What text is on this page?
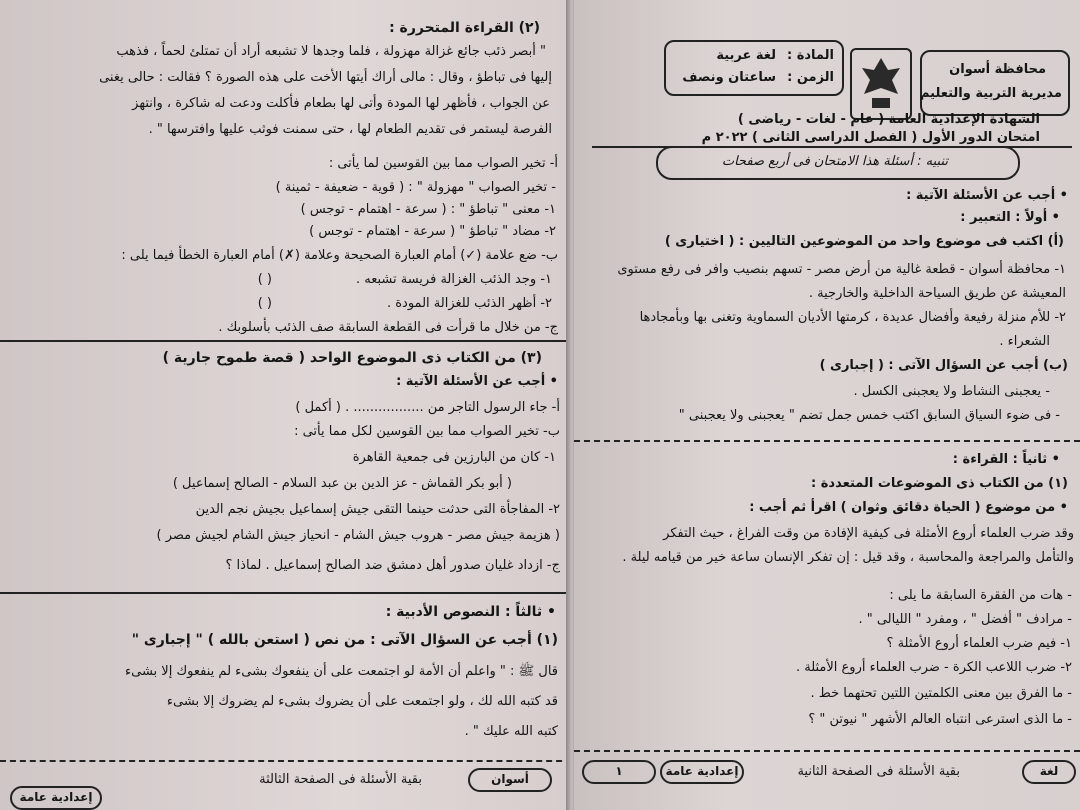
(٢) القراءة المتحررة :
" أبصر ذئب جائع غزالة مهزولة ، فلما وجدها لا تشبعه أراد أن تمتلئ لحماً ، فذهب
إليها فى تباطؤ ، وقال : مالى أراك أيتها الأخت على هذه الصورة ؟ فقالت : حالى يغنى
عن الجواب ، فأظهر لها المودة وأتى لها بطعام فأكلت ودعت له شاكرة ، وانتهز
الفرصة ليستمر فى تقديم الطعام لها ، حتى سمنت فوثب عليها وافترسها " .
أ- تخير الصواب مما بين القوسين لما يأتى :
- تخير الصواب " مهزولة " : ( قوية - ضعيفة - ثمينة )
١- معنى " تباطؤ " : ( سرعة - اهتمام - توجس )
٢- مضاد " تباطؤ " ( سرعة - اهتمام - توجس )
ب- ضع علامة (✓) أمام العبارة الصحيحة وعلامة (✗) أمام العبارة الخطأ فيما يلى :
١- وجد الذئب الغزالة فريسة تشبعه .
( )
٢- أظهر الذئب للغزالة المودة .
( )
ج- من خلال ما قرأت فى القطعة السابقة صف الذئب بأسلوبك .
(٣) من الكتاب ذى الموضوع الواحد ( قصة طموح جارية )
• أجب عن الأسئلة الآتية :
أ- جاء الرسول التاجر من ................. . ( أكمل )
ب- تخير الصواب مما بين القوسين لكل مما يأتى :
١- كان من البارزين فى جمعية القاهرة
( أبو بكر القماش - عز الدين بن عبد السلام - الصالح إسماعيل )
٢- المفاجأة التى حدثت حينما التقى جيش إسماعيل بجيش نجم الدين
( هزيمة جيش مصر - هروب جيش الشام - انحياز جيش الشام لجيش مصر )
ج- ازداد غليان صدور أهل دمشق ضد الصالح إسماعيل . لماذا ؟
• ثالثاً : النصوص الأدبية :
(١) أجب عن السؤال الآتى : من نص ( استعن بالله ) " إجبارى "
قال ﷺ : " واعلم أن الأمة لو اجتمعت على أن ينفعوك بشىء لم ينفعوك إلا بشىء
قد كتبه الله لك ، ولو اجتمعت على أن يضروك بشىء لم يضروك إلا بشىء
كتبه الله عليك " .
بقية الأسئلة فى الصفحة الثالثة	أسوان
إعدادية عامة
محافظة أسوان
مديرية التربية والتعليم
المادة :
لغة عربية
الزمن :
ساعتان ونصف
الشهادة الإعدادية العامة ( عام - لغات - رياضى )
امتحان الدور الأول ( الفصل الدراسى الثانى ) ٢٠٢٢ م
تنبيه : أسئلة هذا الامتحان فى أربع صفحات
• أجب عن الأسئلة الآتية :
• أولاً : التعبير :
(أ) اكتب فى موضوع واحد من الموضوعين التاليين : ( اختيارى )
١- محافظة أسوان - قطعة غالية من أرض مصر - تسهم بنصيب وافر فى رفع مستوى
المعيشة عن طريق السياحة الداخلية والخارجية .
٢- للأم منزلة رفيعة وأفضال عديدة ، كرمتها الأديان السماوية وتغنى بها وبأمجادها
الشعراء .
(ب) أجب عن السؤال الآتى : ( إجبارى )
- يعجبنى النشاط ولا يعجبنى الكسل .
- فى ضوء السياق السابق اكتب خمس جمل تضم " يعجبنى ولا يعجبنى "
• ثانياً : القراءة :
(١) من الكتاب ذى الموضوعات المتعددة :
• من موضوع ( الحياة دقائق وثوان ) اقرأ ثم أجب :
وقد ضرب العلماء أروع الأمثلة فى كيفية الإفادة من وقت الفراغ ، حيث التفكر
والتأمل والمراجعة والمحاسبة ، وقد قيل : إن تفكر الإنسان ساعة خير من قيامه ليلة .
- هات من الفقرة السابقة ما يلى :
- مرادف " أفضل " ، ومفرد " الليالى " .
١- فيم ضرب العلماء أروع الأمثلة ؟
٢- ضرب اللاعب الكرة - ضرب العلماء أروع الأمثلة .
- ما الفرق بين معنى الكلمتين اللتين تحتهما خط .
- ما الذى استرعى انتباه العالم الأشهر " نيوتن " ؟
لغة
بقية الأسئلة فى الصفحة الثانية
إعدادية عامة
١
